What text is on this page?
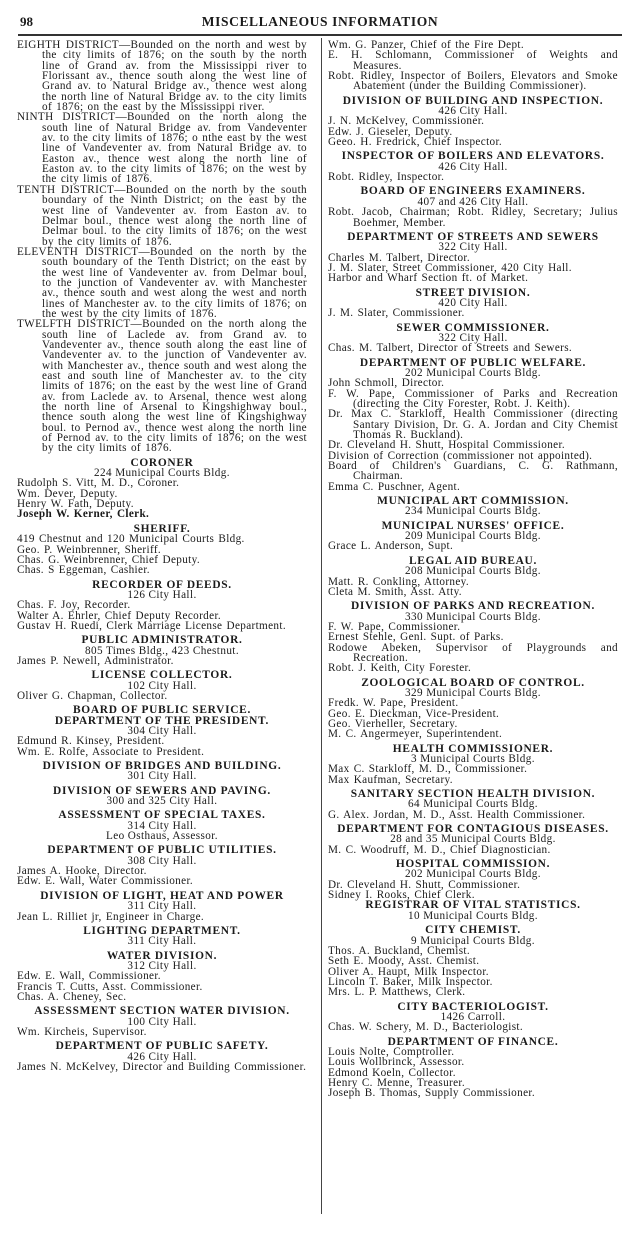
98	MISCELLANEOUS INFORMATION
EIGHTH DISTRICT—Bounded on the north and west by the city limits of 1876; on the south by the north line of Grand av. from the Mississippi river to Florissant av., thence south along the west line of Grand av. to Natural Bridge av., thence west along the north line of Natural Bridge av. to the city limits of 1876; on the east by the Mississippi river.
NINTH DISTRICT—Bounded on the north along the south line of Natural Bridge av. from Vandeventer av. to the city limits of 1876; o nthe east by the west line of Vandeventer av. from Natural Bridge av. to Easton av., thence west along the north line of Easton av. to the city limits of 1876; on the west by the city limis of 1876.
TENTH DISTRICT—Bounded on the north by the south boundary of the Ninth District; on the east by the west line of Vandeventer av. from Easton av. to Delmar boul., thence west along the north line of Delmar boul. to the city limits of 1876; on the west by the city limits of 1876.
ELEVENTH DISTRICT—Bounded on the north by the south boundary of the Tenth District; on the east by the west line of Vandeventer av. from Delmar boul, to the junction of Vandeventer av. with Manchester av., thence south and west along the west and north lines of Manchester av. to the city limits of 1876; on the west by the city limits of 1876.
TWELFTH DISTRICT—Bounded on the north along the south line of Laclede av. from Grand av. to Vandeventer av., thence south along the east line of Vandeventer av. to the junction of Vandeventer av. with Manchester av., thence south and west along the east and south line of Manchester av. to the city limits of 1876; on the east by the west line of Grand av. from Laclede av. to Arsenal, thence west along the north line of Arsenal to Kingshighway boul., thence south along the west line of Kingshighway boul. to Pernod av., thence west along the north line of Pernod av. to the city limits of 1876; on the west by the city limits of 1876.
CORONER
224 Municipal Courts Bldg.
Rudolph S. Vitt, M. D., Coroner.
Wm. Dever, Deputy.
Henry W. Fath, Deputy.
Joseph W. Kerner, Clerk.
SHERIFF.
419 Chestnut and 120 Municipal Courts Bldg.
Geo. P. Weinbrenner, Sheriff.
Chas. G. Weinbrenner, Chief Deputy.
Chas. S Eggeman, Cashier.
RECORDER OF DEEDS.
126 City Hall.
Chas. F. Joy, Recorder.
Walter A. Ehrler, Chief Deputy Recorder.
Gustav H. Ruedi, Clerk Marriage License Department.
PUBLIC ADMINISTRATOR.
805 Times Bldg., 423 Chestnut.
James P. Newell, Administrator.
LICENSE COLLECTOR.
102 City Hall.
Oliver G. Chapman, Collector.
BOARD OF PUBLIC SERVICE.
DEPARTMENT OF THE PRESIDENT.
304 City Hall.
Edmund R. Kinsey, President.
Wm. E. Rolfe, Associate to President.
DIVISION OF BRIDGES AND BUILDING.
301 City Hall.
DIVISION OF SEWERS AND PAVING.
300 and 325 City Hall.
ASSESSMENT OF SPECIAL TAXES.
314 City Hall.
Leo Osthaus, Assessor.
DEPARTMENT OF PUBLIC UTILITIES.
308 City Hall.
James A. Hooke, Director.
Edw. E. Wall, Water Commissioner.
DIVISION OF LIGHT, HEAT AND POWER
311 City Hall.
Jean L. Rilliet jr, Engineer in Charge.
LIGHTING DEPARTMENT.
311 City Hall.
WATER DIVISION.
312 City Hall.
Edw. E. Wall, Commissioner.
Francis T. Cutts, Asst. Commissioner.
Chas. A. Cheney, Sec.
ASSESSMENT SECTION WATER DIVISION.
100 City Hall.
Wm. Kircheis, Supervisor.
DEPARTMENT OF PUBLIC SAFETY.
426 City Hall.
James N. McKelvey, Director and Building Commissioner.
Wm. G. Panzer, Chief of the Fire Dept.
E. H. Schlomann, Commissioner of Weights and Measures.
Robt. Ridley, Inspector of Boilers, Elevators and Smoke Abatement (under the Building Commissioner).
DIVISION OF BUILDING AND INSPECTION.
426 City Hall.
J. N. McKelvey, Commissioner.
Edw. J. Gieseler, Deputy.
Geeo. H. Fredrick, Chief Inspector.
INSPECTOR OF BOILERS AND ELEVATORS.
426 City Hall.
Robt. Ridley, Inspector.
BOARD OF ENGINEERS EXAMINERS.
407 and 426 City Hall.
Robt. Jacob, Chairman; Robt. Ridley, Secretary; Julius Boehmer, Member.
DEPARTMENT OF STREETS AND SEWERS
322 City Hall.
Charles M. Talbert, Director.
J. M. Slater, Street Commissioner, 420 City Hall.
Harbor and Wharf Section ft. of Market.
STREET DIVISION.
420 City Hall.
J. M. Slater, Commissioner.
SEWER COMMISSIONER.
322 City Hall.
Chas. M. Talbert, Director of Streets and Sewers.
DEPARTMENT OF PUBLIC WELFARE.
202 Municipal Courts Bldg.
John Schmoll, Director.
F. W. Pape, Commissioner of Parks and Recreation (directing the City Forester, Robt. J. Keith).
Dr. Max C. Starkloff, Health Commissioner (directing Santary Division, Dr. G. A. Jordan and City Chemist Thomas R. Buckland).
Dr. Cleveland H. Shutt, Hospital Commissioner.
Division of Correction (commissioner not appointed).
Board of Children's Guardians, C. G. Rathmann, Chairman.
Emma C. Puschner, Agent.
MUNICIPAL ART COMMISSION.
234 Municipal Courts Bldg.
MUNICIPAL NURSES' OFFICE.
209 Municipal Courts Bldg.
Grace L. Anderson, Supt.
LEGAL AID BUREAU.
208 Municipal Courts Bldg.
Matt. R. Conkling, Attorney.
Cleta M. Smith, Asst. Atty.
DIVISION OF PARKS AND RECREATION.
330 Municipal Courts Bldg.
F. W. Pape, Commissioner.
Ernest Stehle, Genl. Supt. of Parks.
Rodowe Abeken, Supervisor of Playgrounds and Recreation.
Robt. J. Keith, City Forester.
ZOOLOGICAL BOARD OF CONTROL.
329 Municipal Courts Bldg.
Fredk. W. Pape, President.
Geo. E. Dieckman, Vice-President.
Geo. Vierheller, Secretary.
M. C. Angermeyer, Superintendent.
HEALTH COMMISSIONER.
3 Municipal Courts Bldg.
Max C. Starkloff, M. D., Commissioner.
Max Kaufman, Secretary.
SANITARY SECTION HEALTH DIVISION.
64 Municipal Courts Bldg.
G. Alex. Jordan, M. D., Asst. Health Commissioner.
DEPARTMENT FOR CONTAGIOUS DISEASES.
28 and 35 Municipal Courts Bldg.
M. C. Woodruff, M. D., Chief Diagnostician.
HOSPITAL COMMISSION.
202 Municipal Courts Bldg.
Dr. Cleveland H. Shutt, Commissioner.
Sidney I. Rooks, Chief Clerk.
REGISTRAR OF VITAL STATISTICS.
10 Municipal Courts Bldg.
CITY CHEMIST.
9 Municipal Courts Bldg.
Thos. A. Buckland, Chemist.
Seth E. Moody, Asst. Chemist.
Oliver A. Haupt, Milk Inspector.
Lincoln T. Baker, Milk Inspector.
Mrs. L. P. Matthews, Clerk.
CITY BACTERIOLOGIST.
1426 Carroll.
Chas. W. Schery, M. D., Bacteriologist.
DEPARTMENT OF FINANCE.
Louis Nolte, Comptroller.
Louis Wollbrinck, Assessor.
Edmond Koeln, Collector.
Henry C. Menne, Treasurer.
Joseph B. Thomas, Supply Commissioner.
